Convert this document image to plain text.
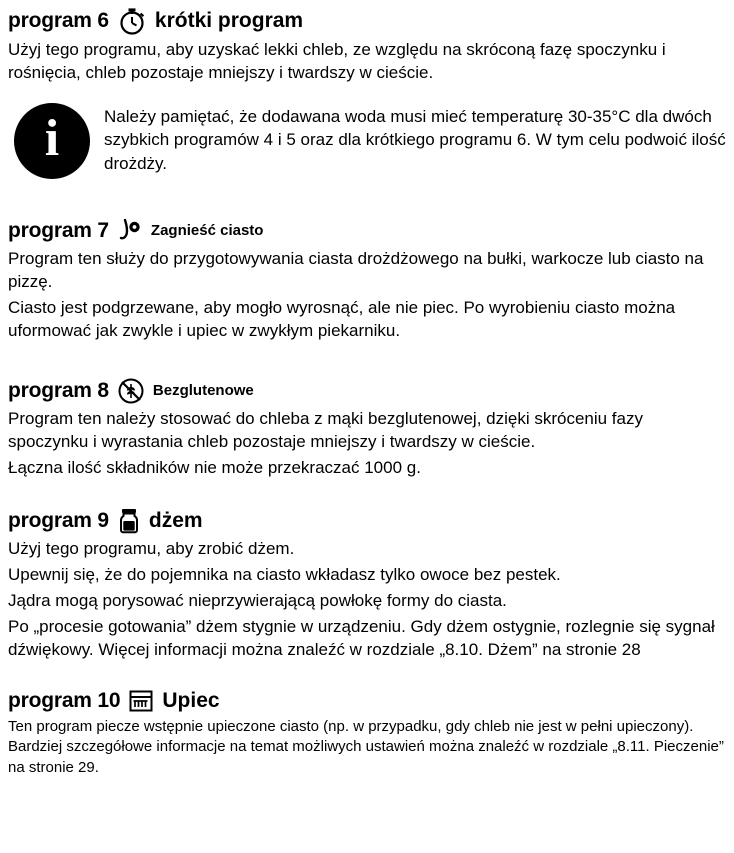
program 6 krótki program

Użyj tego programu, aby uzyskać lekki chleb, ze względu na skróconą fazę spoczynku i rośnięcia, chleb pozostaje mniejszy i twardszy w cieście.

i	Należy pamiętać, że dodawana woda musi mieć temperaturę 30-35°C dla dwóch szybkich programów 4 i 5 oraz dla krótkiego programu 6. W tym celu podwoić ilość drożdży.
program 7	Zagnieść ciasto

Program ten służy do przygotowywania ciasta drożdżowego na bułki, warkocze lub ciasto na pizzę.

Ciasto jest podgrzewane, aby mogło wyrosnąć, ale nie piec. Po wyrobieniu ciasto można uformować jak zwykle i upiec w zwykłym piekarniku.

program 8	Bezglutenowe

Program ten należy stosować do chleba z mąki bezglutenowej, dzięki skróceniu fazy spoczynku i wyrastania chleb pozostaje mniejszy i twardszy w cieście.

Łączna ilość składników nie może przekraczać 1000 g.

program 9 dżem

Użyj tego programu, aby zrobić dżem.

Upewnij się, że do pojemnika na ciasto wkładasz tylko owoce bez pestek.

Jądra mogą porysować nieprzywierającą powłokę formy do ciasta.

Po „procesie gotowania” dżem stygnie w urządzeniu. Gdy dżem ostygnie, rozlegnie się sygnał dźwiękowy. Więcej informacji można znaleźć w rozdziale „8.10. Dżem” na stronie 28

program 10 Upiec

Ten program piecze wstępnie upieczone ciasto (np. w przypadku, gdy chleb nie jest w pełni upieczony). Bardziej szczegółowe informacje na temat możliwych ustawień można znaleźć w rozdziale „8.11. Pieczenie” na stronie 29.
